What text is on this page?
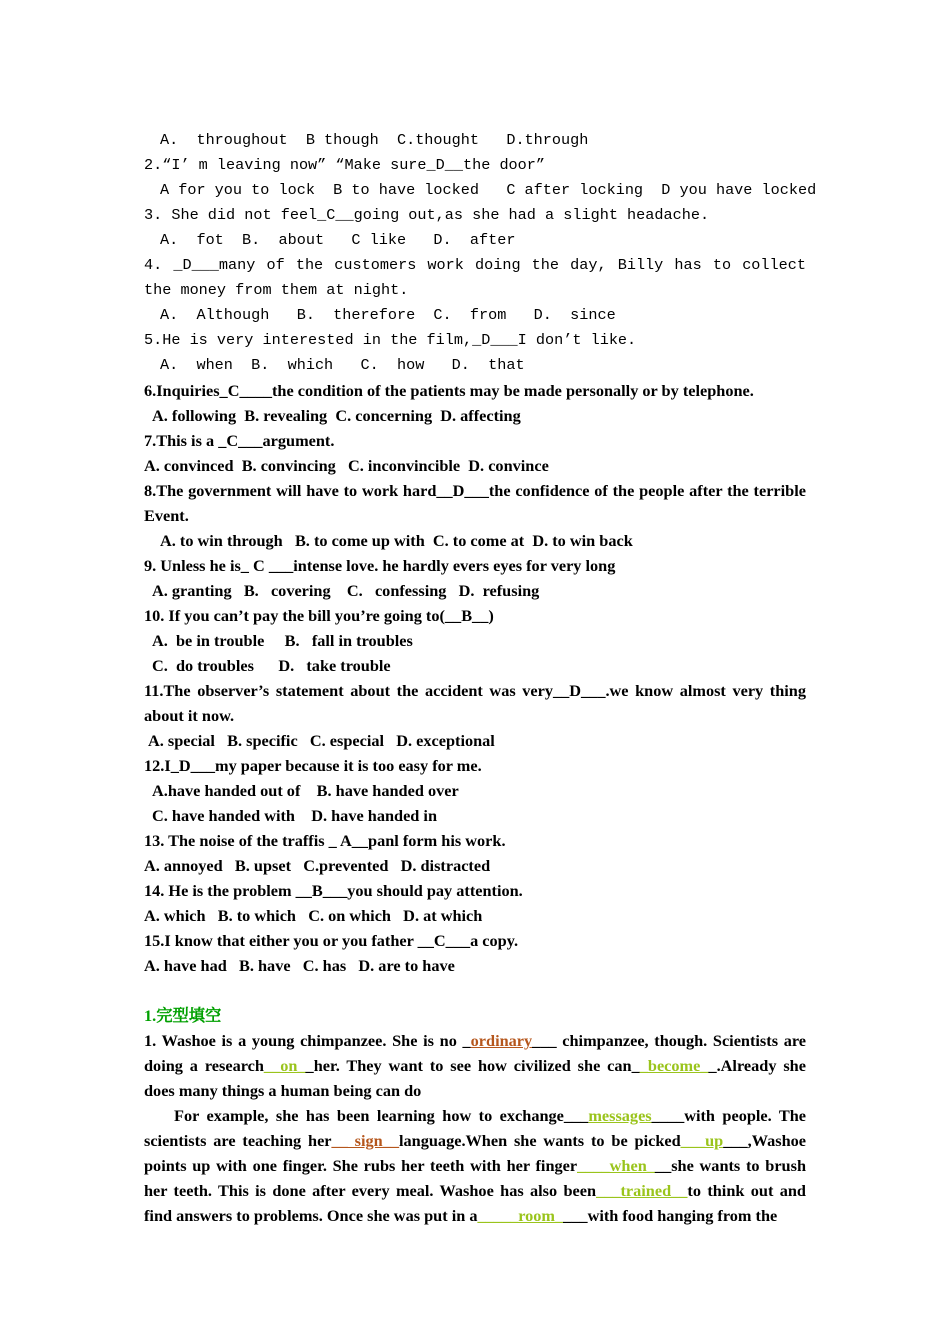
A.  throughout  B though  C.thought   D.through
2.“I’ m leaving now” “Make sure_D__the door”
A for you to lock  B to have locked   C after locking  D you have locked
3. She did not feel_C__going out,as she had a slight headache.
A.  fot  B.  about   C like   D.  after
4. _D___many of the customers work doing the day, Billy has to collect the money from them at night.
A.  Although   B.  therefore  C.  from   D.  since
5.He is very interested in the film,_D___I don’t like.
A.  when  B.  which   C.  how   D.  that
6.Inquiries_C____the condition of the patients may be made personally or by telephone.
A. following  B. revealing  C. concerning  D. affecting
7.This is a _C___argument.
A. convinced  B. convincing   C. inconvincible  D. convince
8.The government will have to work hard__D___the confidence of the people after the terrible Event.
A. to win through   B. to come up with  C. to come at  D. to win back
9. Unless he is_ C ___intense love. he hardly evers eyes for very long
A. granting   B.   covering    C.   confessing   D.  refusing
10. If you can’t pay the bill you’re going to(__B__)
A.  be in trouble     B.   fall in troubles
C.  do troubles      D.   take trouble
11.The observer’s statement about the accident was very__D___.we know almost very thing about it now.
A. special   B. specific   C. especial   D. exceptional
12.I_D___my paper because it is too easy for me.
A.have handed out of    B. have handed over
C. have handed with    D. have handed in
13. The noise of the traffis _ A__panl form his work.
A. annoyed   B. upset   C.prevented   D. distracted
14. He is the problem __B___you should pay attention.
A. which   B. to which   C. on which   D. at which
15.I know that either you or you father __C___a copy.
A. have had   B. have   C. has   D. are to have
1.完型填空
1. Washoe is a young chimpanzee. She is no _ordinary___ chimpanzee, though. Scientists are doing a research__on__her. They want to see how civilized she can__become__.Already she does many things a human being can do
For example, she has been learning how to exchange___messages____with people. The scientists are teaching her__ sign__language.When she wants to be picked___up___,Washoe points up with one finger. She rubs her teeth with her finger____when___she wants to brush her teeth. This is done after every meal. Washoe has also been___trained__to think out and find answers to problems. Once she was put in a_____room____with food hanging from the
